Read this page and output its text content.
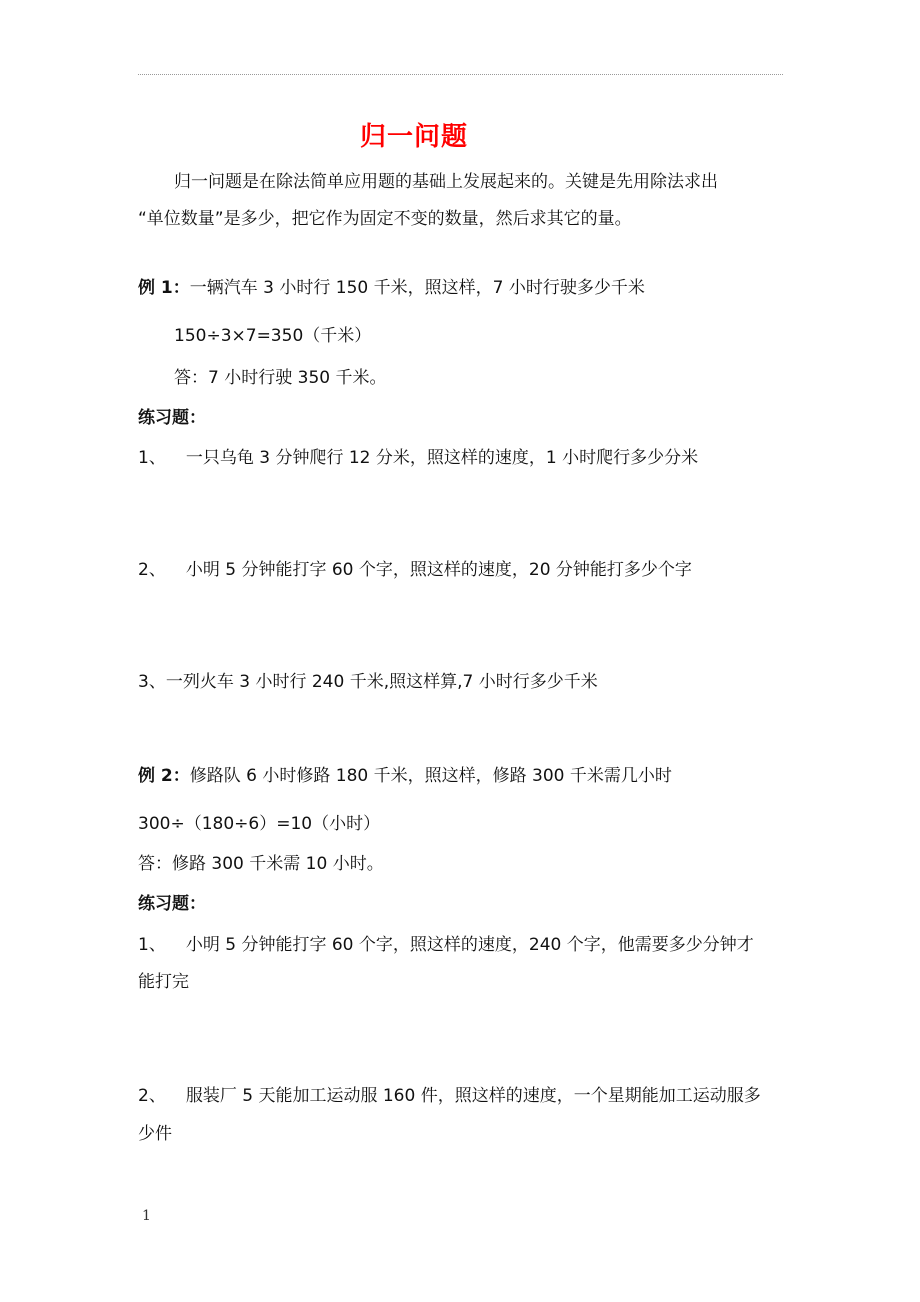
归一问题
归一问题是在除法简单应用题的基础上发展起来的。关键是先用除法求出
“单位数量”是多少，把它作为固定不变的数量，然后求其它的量。
例 1：一辆汽车 3 小时行 150 千米，照这样，7 小时行驶多少千米
150÷3×7=350（千米）
答：7 小时行驶 350 千米。
练习题：
1、 一只乌龟 3 分钟爬行 12 分米，照这样的速度，1 小时爬行多少分米
2、 小明 5 分钟能打字 60 个字，照这样的速度，20 分钟能打多少个字
3、一列火车 3 小时行 240 千米,照这样算,7 小时行多少千米
例 2：修路队 6 小时修路 180 千米，照这样，修路 300 千米需几小时
300÷（180÷6）=10（小时）
答：修路 300 千米需 10 小时。
练习题：
1、 小明 5 分钟能打字 60 个字，照这样的速度，240 个字，他需要多少分钟才
能打完
2、 服装厂 5 天能加工运动服 160 件，照这样的速度，一个星期能加工运动服多
少件
1
